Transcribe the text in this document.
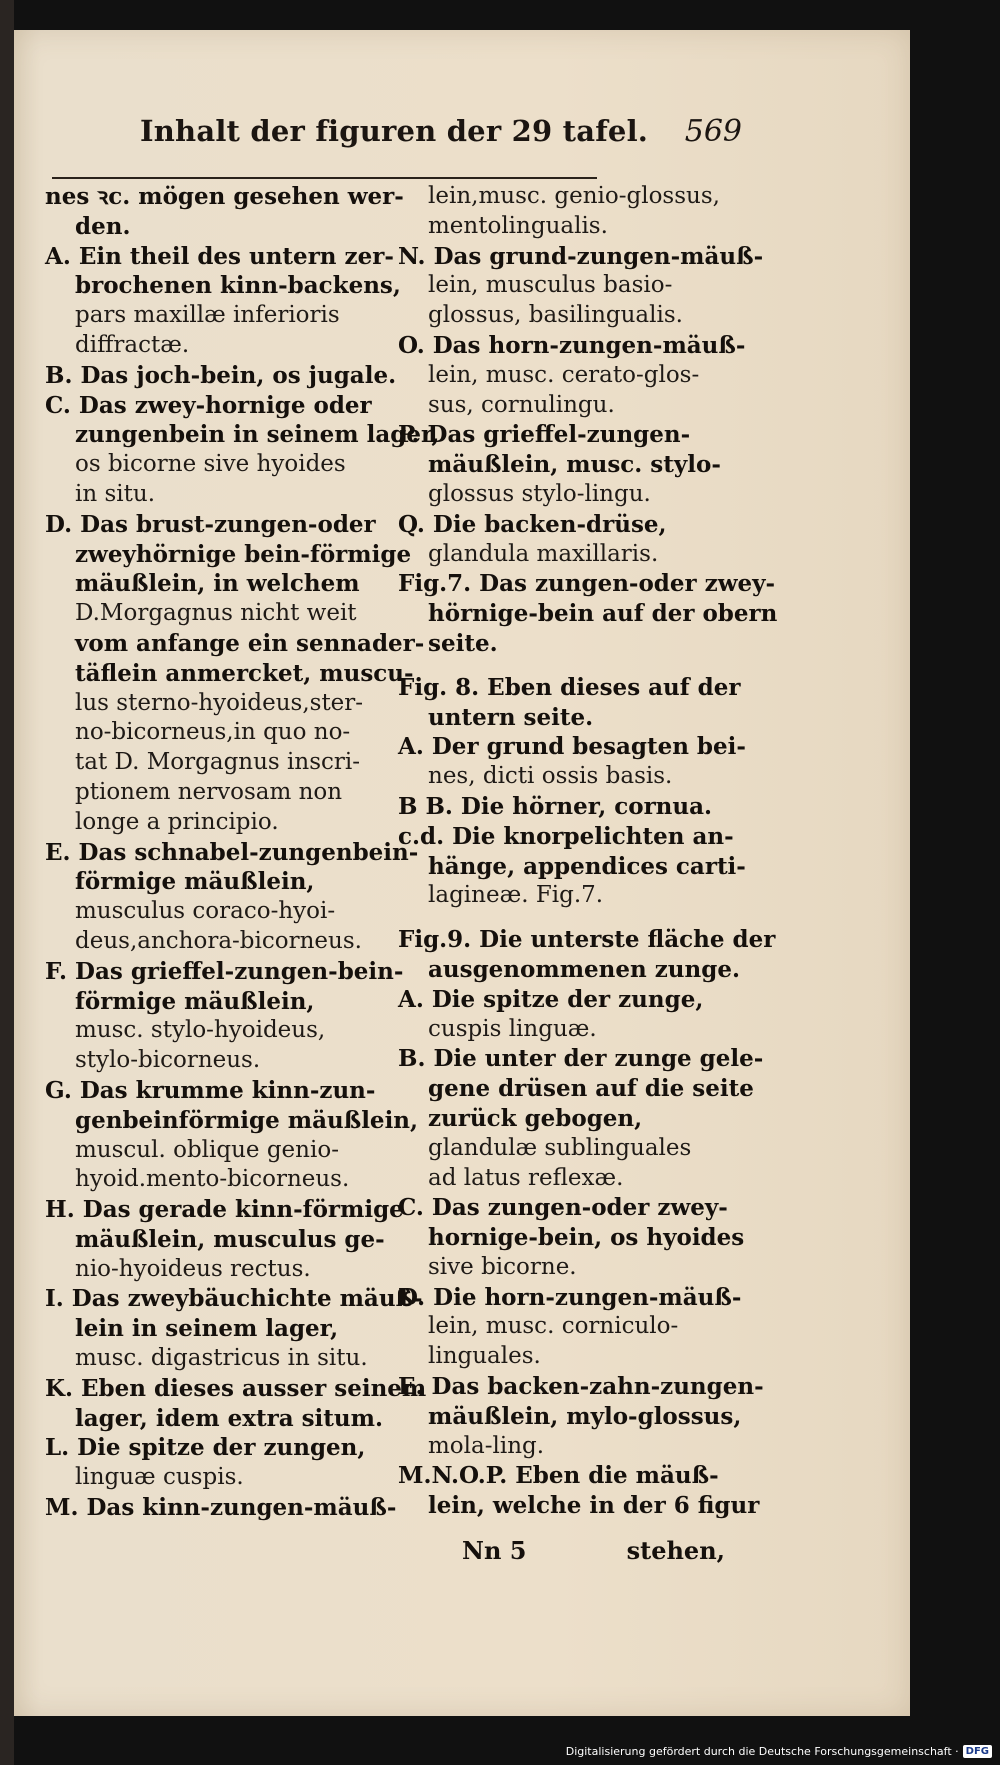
Inhalt der figuren der 29 tafel. 569
nes ꝛc. mögen gesehen wer-
den.
A. Ein theil des untern zer-
brochenen kinn-backens,
pars maxillæ inferioris
diffractæ.
B. Das joch-bein, os jugale.
C. Das zwey-hornige oder
zungenbein in seinem lager,
os bicorne sive hyoides
in situ.
D. Das brust-zungen-oder
zweyhörnige bein-förmige
mäußlein, in welchem
D.Morgagnus nicht weit
vom anfange ein sennader-
täflein anmercket, muscu-
lus sterno-hyoideus,ster-
no-bicorneus,in quo no-
tat D. Morgagnus inscri-
ptionem nervosam non
longe a principio.
E. Das schnabel-zungenbein-
förmige mäußlein,
musculus coraco-hyoi-
deus,anchora-bicorneus.
F. Das grieffel-zungen-bein-
förmige mäußlein,
musc. stylo-hyoideus,
stylo-bicorneus.
G. Das krumme kinn-zun-
genbeinförmige mäußlein,
muscul. oblique genio-
hyoid.mento-bicorneus.
H. Das gerade kinn-förmige
mäußlein, musculus ge-
nio-hyoideus rectus.
I. Das zweybäuchichte mäuß-
lein in seinem lager,
musc. digastricus in situ.
K. Eben dieses ausser seinem
lager, idem extra situm.
L. Die spitze der zungen,
linguæ cuspis.
M. Das kinn-zungen-mäuß-
lein,musc. genio-glossus,
mentolingualis.
N. Das grund-zungen-mäuß-
lein, musculus basio-
glossus, basilingualis.
O. Das horn-zungen-mäuß-
lein, musc. cerato-glos-
sus, cornulingu.
P. Das grieffel-zungen-
mäußlein, musc. stylo-
glossus stylo-lingu.
Q. Die backen-drüse,
glandula maxillaris.
Fig.7. Das zungen-oder zwey-
hörnige-bein auf der obern
seite.
Fig. 8. Eben dieses auf der
untern seite.
A. Der grund besagten bei-
nes, dicti ossis basis.
B B. Die hörner, cornua.
c.d. Die knorpelichten an-
hänge, appendices carti-
lagineæ. Fig.7.
Fig.9. Die unterste fläche der
ausgenommenen zunge.
A. Die spitze der zunge,
cuspis linguæ.
B. Die unter der zunge gele-
gene drüsen auf die seite
zurück gebogen,
glandulæ sublinguales
ad latus reflexæ.
C. Das zungen-oder zwey-
hornige-bein, os hyoides
sive bicorne.
D. Die horn-zungen-mäuß-
lein, musc. corniculo-
linguales.
E. Das backen-zahn-zungen-
mäußlein, mylo-glossus,
mola-ling.
M.N.O.P. Eben die mäuß-
lein, welche in der 6 figur
Nn 5	stehen,
Digitalisierung gefördert durch die Deutsche Forschungsgemeinschaft · DFG
